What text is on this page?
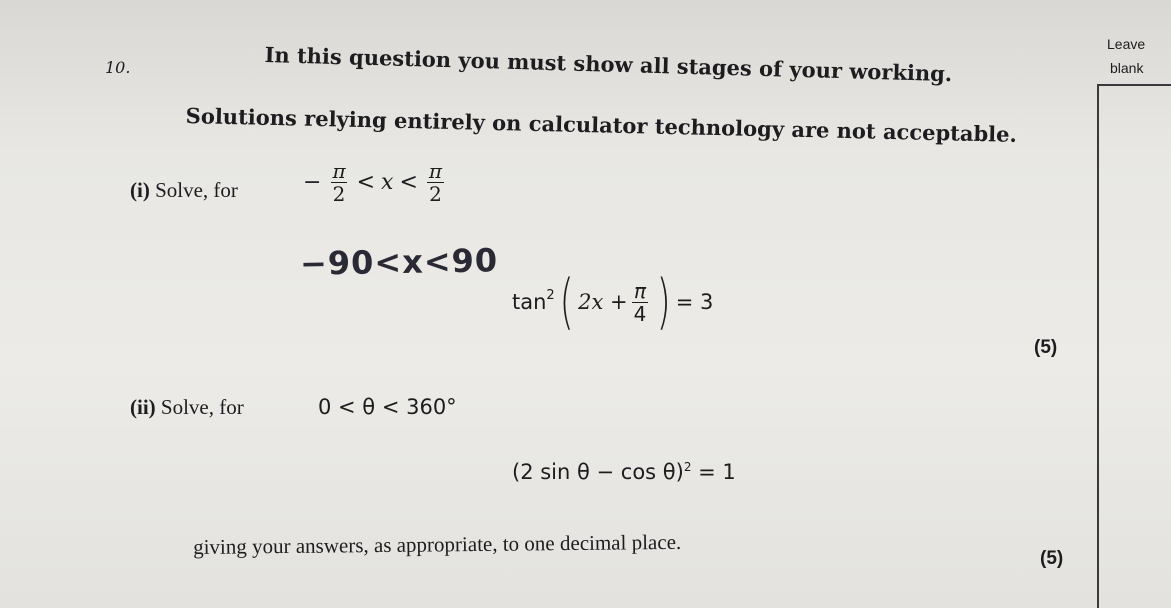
10.
Leave
blank
In this question you must show all stages of your working.
Solutions relying entirely on calculator technology are not acceptable.
(i) Solve, for	− $\frac{\pi}{2} < x < \frac{\pi}{2}$
−90<x<90
$\tan^2$ ( $2x + \frac{\pi}{4}$ ) = 3
(5)
(ii) Solve, for	0 < θ < 360°
(2 sin θ − cos θ)$^2$ = 1
giving your answers, as appropriate, to one decimal place.	(5)
